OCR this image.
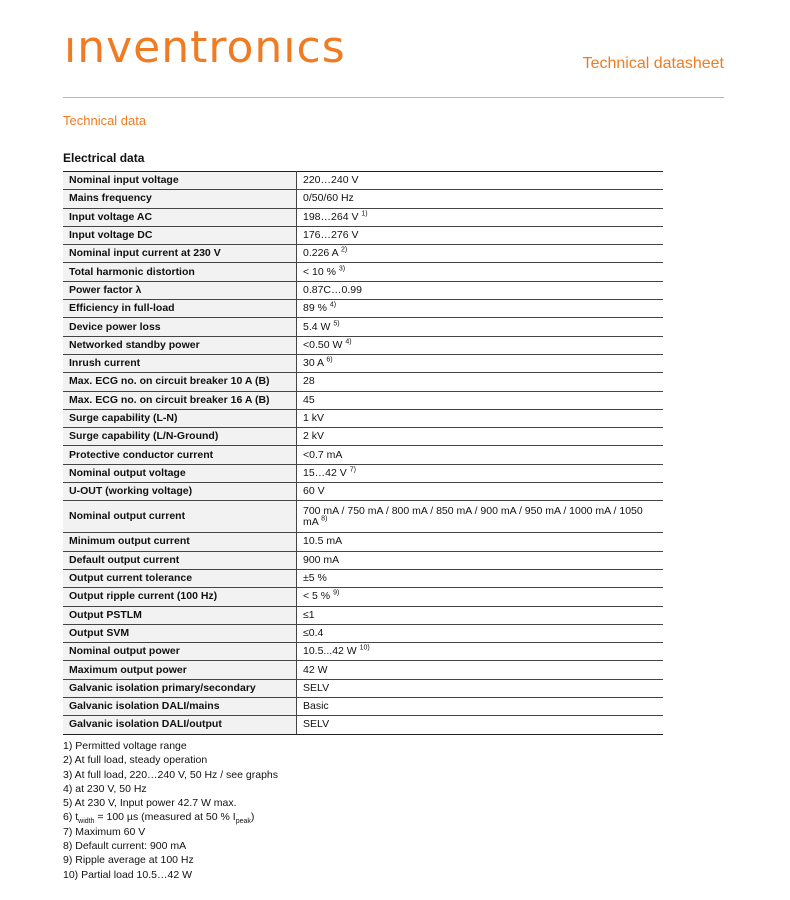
ınventronıcs	Technical datasheet
Technical data
Electrical data
Nominal input voltage	220…240 V
Mains frequency	0/50/60 Hz
Input voltage AC	198…264 V $^{1)}$
Input voltage DC	176…276 V
Nominal input current at 230 V	0.226 A $^{2)}$
Total harmonic distortion	< 10 % $^{3)}$
Power factor λ	0.87C…0.99
Efficiency in full-load	89 % $^{4)}$
Device power loss	5.4 W $^{5)}$
Networked standby power	<0.50 W $^{4)}$
Inrush current	30 A $^{6)}$
Max. ECG no. on circuit breaker 10 A (B)	28
Max. ECG no. on circuit breaker 16 A (B)	45
Surge capability (L-N)	1 kV
Surge capability (L/N-Ground)	2 kV
Protective conductor current	<0.7 mA
Nominal output voltage	15…42 V $^{7)}$
U-OUT (working voltage)	60 V
Nominal output current	700 mA / 750 mA / 800 mA / 850 mA / 900 mA / 950 mA / 1000 mA / 1050 mA $^{8)}$
Minimum output current	10.5 mA
Default output current	900 mA
Output current tolerance	±5 %
Output ripple current (100 Hz)	< 5 % $^{9)}$
Output PSTLM	≤1
Output SVM	≤0.4
Nominal output power	10.5...42 W $^{10)}$
Maximum output power	42 W
Galvanic isolation primary/secondary	SELV
Galvanic isolation DALI/mains	Basic
Galvanic isolation DALI/output	SELV
1) Permitted voltage range
2) At full load, steady operation
3) At full load, 220…240 V, 50 Hz / see graphs
4) at 230 V, 50 Hz
5) At 230 V, Input power 42.7 W max.
6) $t_{width} = 100$ µs (measured at 50 % $I_{peak}$)
7) Maximum 60 V
8) Default current: 900 mA
9) Ripple average at 100 Hz
10) Partial load 10.5…42 W
